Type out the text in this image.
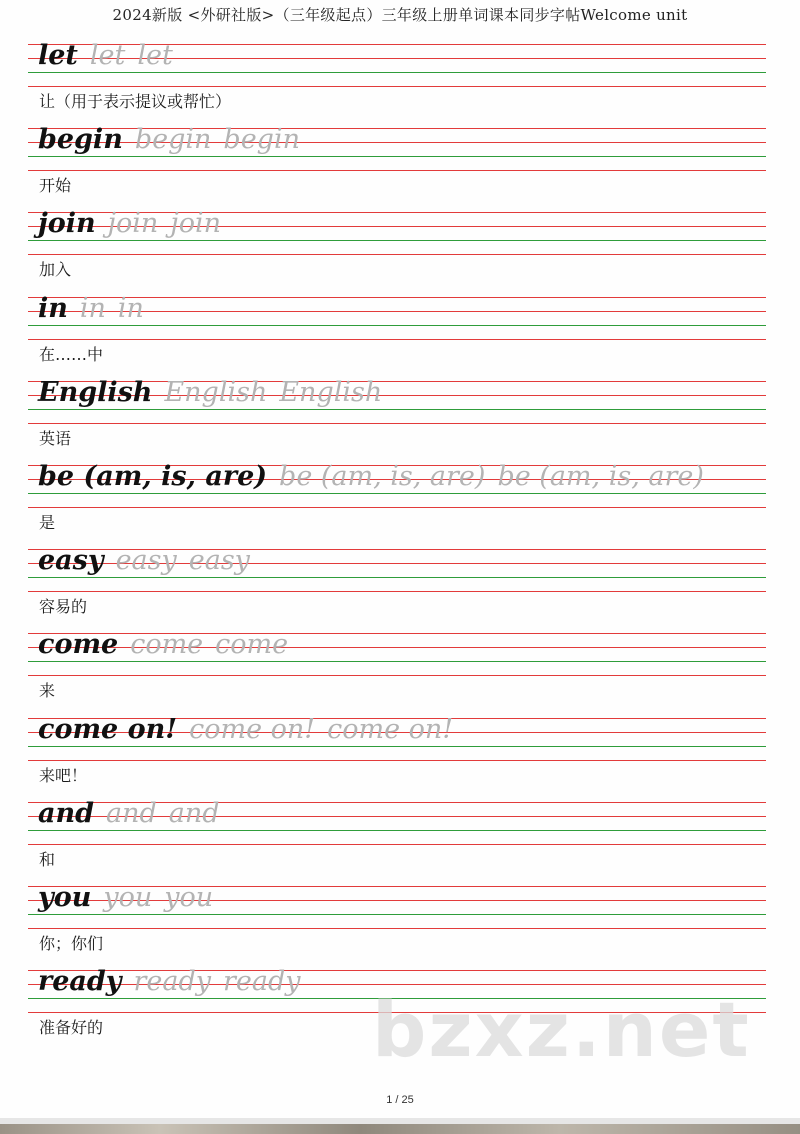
2024新版 <外研社版>（三年级起点）三年级上册单词课本同步字帖Welcome unit
let let let
让（用于表示提议或帮忙）
begin begin begin
开始
join join join
加入
in in in
在……中
English English English
英语
be (am, is, are) be (am, is, are) be (am, is, are)
是
easy easy easy
容易的
come come come
来
come on! come on! come on!
来吧！
and and and
和
you you you
你；你们
ready ready ready
准备好的	bzxz.net
1 / 25
